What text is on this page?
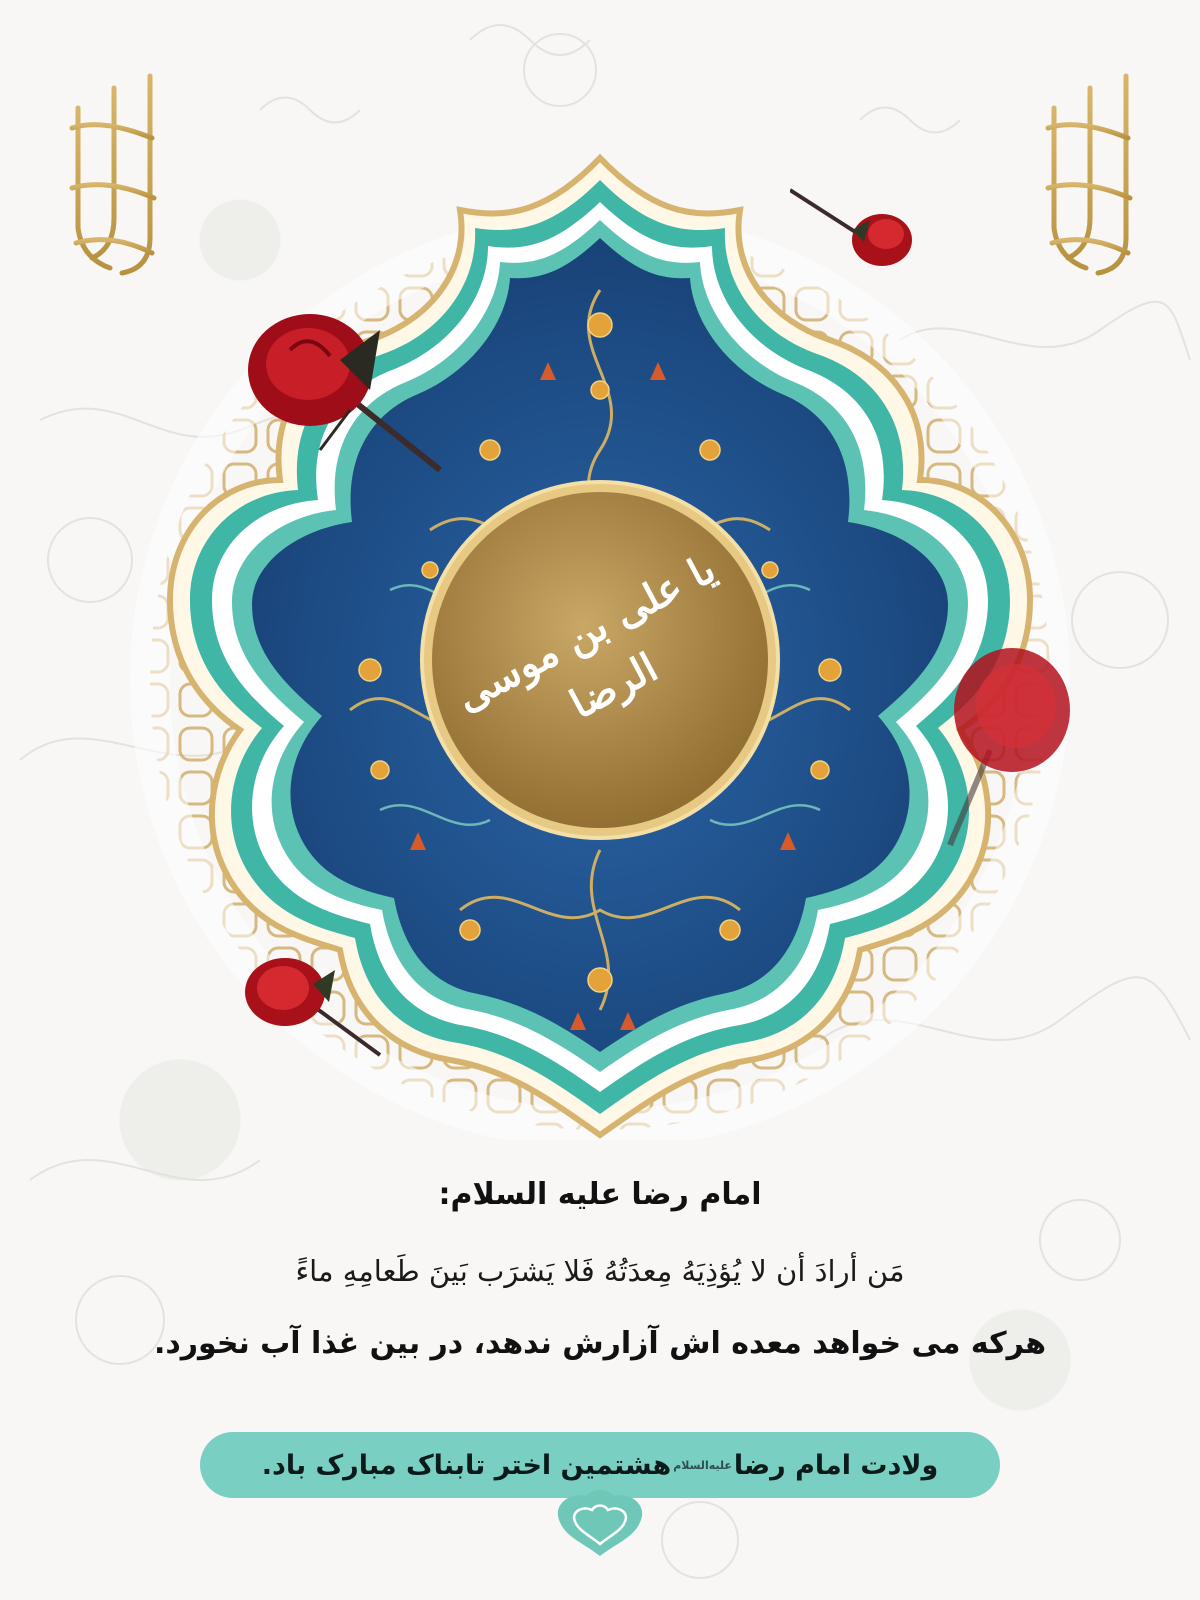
یا علی بن موسی الرضا
امام رضا علیه السلام:
مَن أرادَ أن لا یُؤذِیَهُ مِعدَتُهُ فَلا یَشرَب بَینَ طَعامِهِ ماءً
هرکه می خواهد معده اش آزارش ندهد، در بین غذا آب نخورد.
ولادت امام رضا
علیه‌السلام
هشتمین اختر تابناک مبارک باد.
